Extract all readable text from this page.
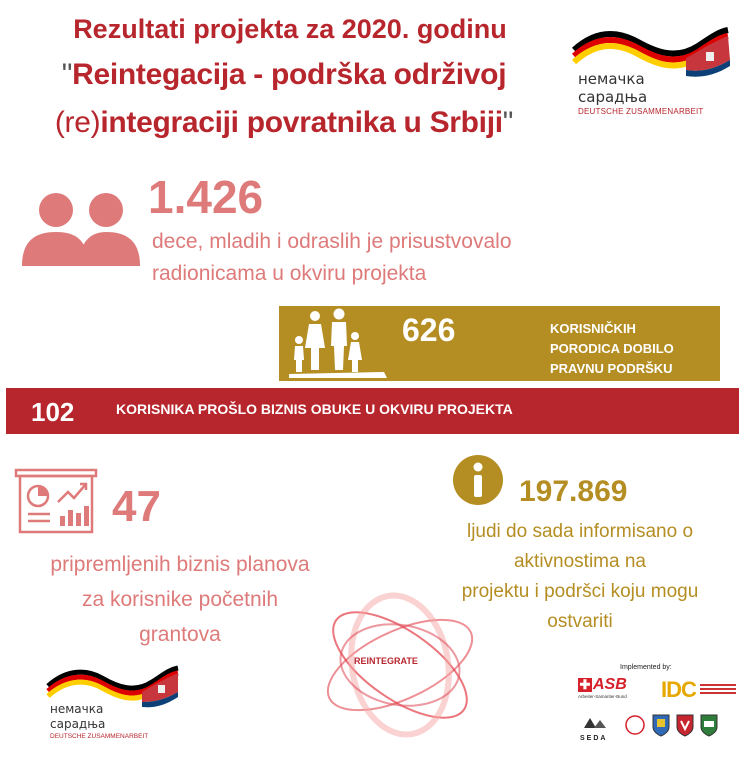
Rezultati projekta za 2020. godinu
"Reintegacija - podrška održivoj
(re)integraciji povratnika u Srbiji"
немачка
сарадња
DEUTSCHE ZUSAMMENARBEIT
1.426
dece, mladih i odraslih je prisustvovalo
radionicama u okviru projekta
626	KORISNIČKIH
PORODICA DOBILO
PRAVNU PODRŠKU
102	KORISNIKA PROŠLO BIZNIS OBUKE U OKVIRU PROJEKTA
47
pripremljenih biznis planova
za korisnike početnih
grantova
197.869
ljudi do sada informisano o
aktivnostima na
projektu i podršci koju mogu
ostvariti
REINTEGRATE
немачка
сарадња
DEUTSCHE ZUSAMMENARBEIT
Implemented by:
✚ ASB
Arbeiter-Samariter-Bund IDC
SEDA
